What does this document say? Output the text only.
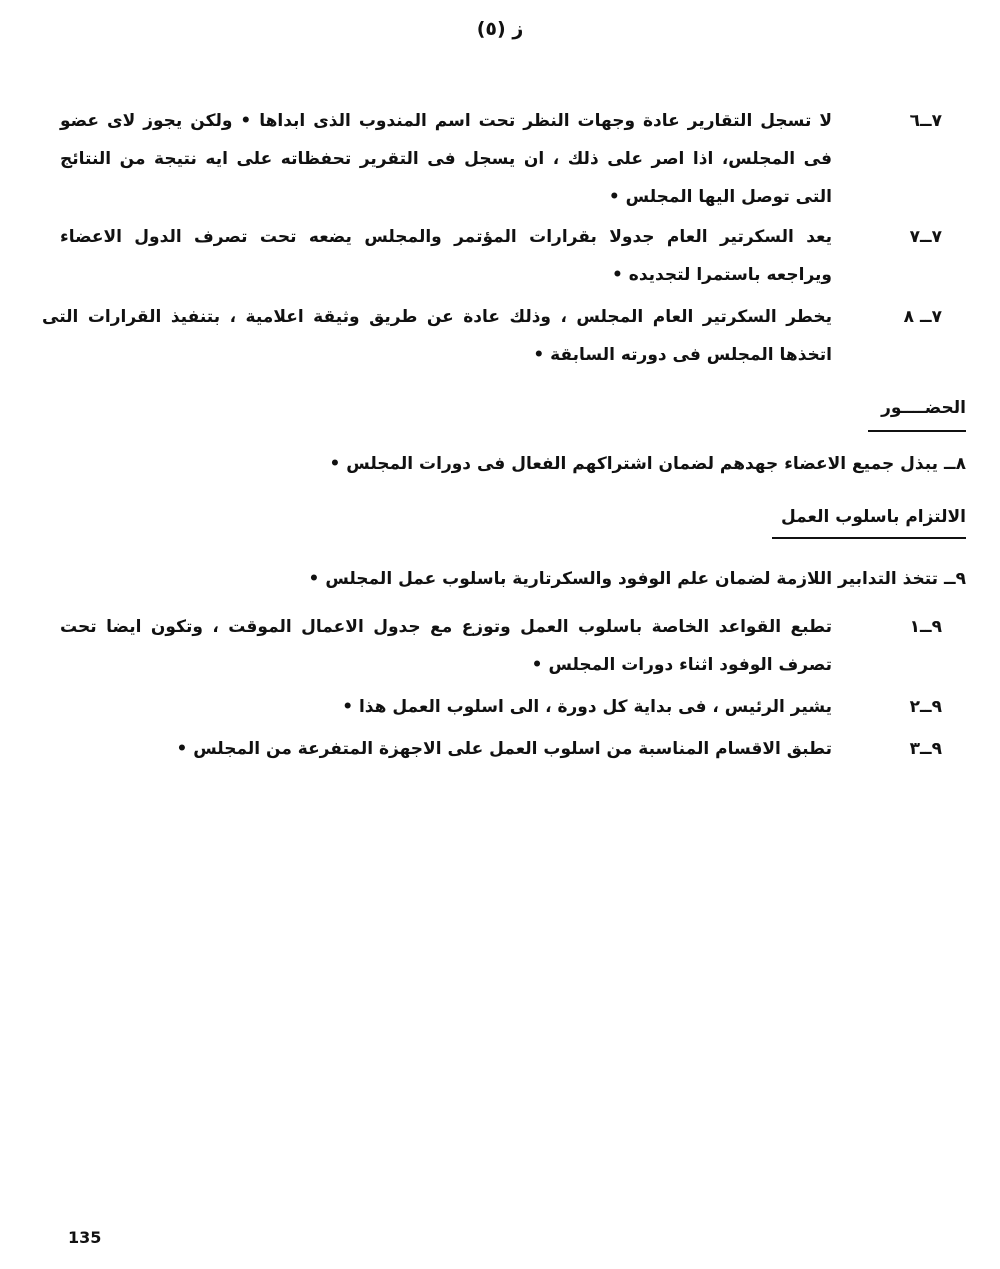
ز (٥)
٧ــ٦
لا تسجل التقارير عادة وجهات النظر تحت اسم المندوب الذى ابداها • ولكن يجوز لاى عضو فى المجلس، اذا اصر على ذلك ، ان يسجل فى التقرير تحفظاته على ايه نتيجة من النتائج التى توصل اليها المجلس •
٧ــ٧
يعد السكرتير العام جدولا بقرارات المؤتمر والمجلس يضعه تحت تصرف الدول الاعضاء ويراجعه باستمرا لتجديده •
٧ــ ٨
يخطر السكرتير العام المجلس ، وذلك عادة عن طريق وثيقة اعلامية ، بتنفيذ القرارات التى اتخذها المجلس فى دورته السابقة •
الحضــــور
٨ــ يبذل جميع الاعضاء جهدهم لضمان اشتراكهم الفعال فى دورات المجلس •
الالتزام باسلوب العمل
٩ــ تتخذ التدابير اللازمة لضمان علم الوفود والسكرتارية باسلوب عمل المجلس •
٩ــ١
تطبع القواعد الخاصة باسلوب العمل وتوزع مع جدول الاعمال الموقت ، وتكون ايضا تحت تصرف الوفود اثناء دورات المجلس •
٩ــ٢
يشير الرئيس ، فى بداية كل دورة ، الى اسلوب العمل هذا •
٩ــ٣
تطبق الاقسام المناسبة من اسلوب العمل على الاجهزة المتفرعة من المجلس •
135
